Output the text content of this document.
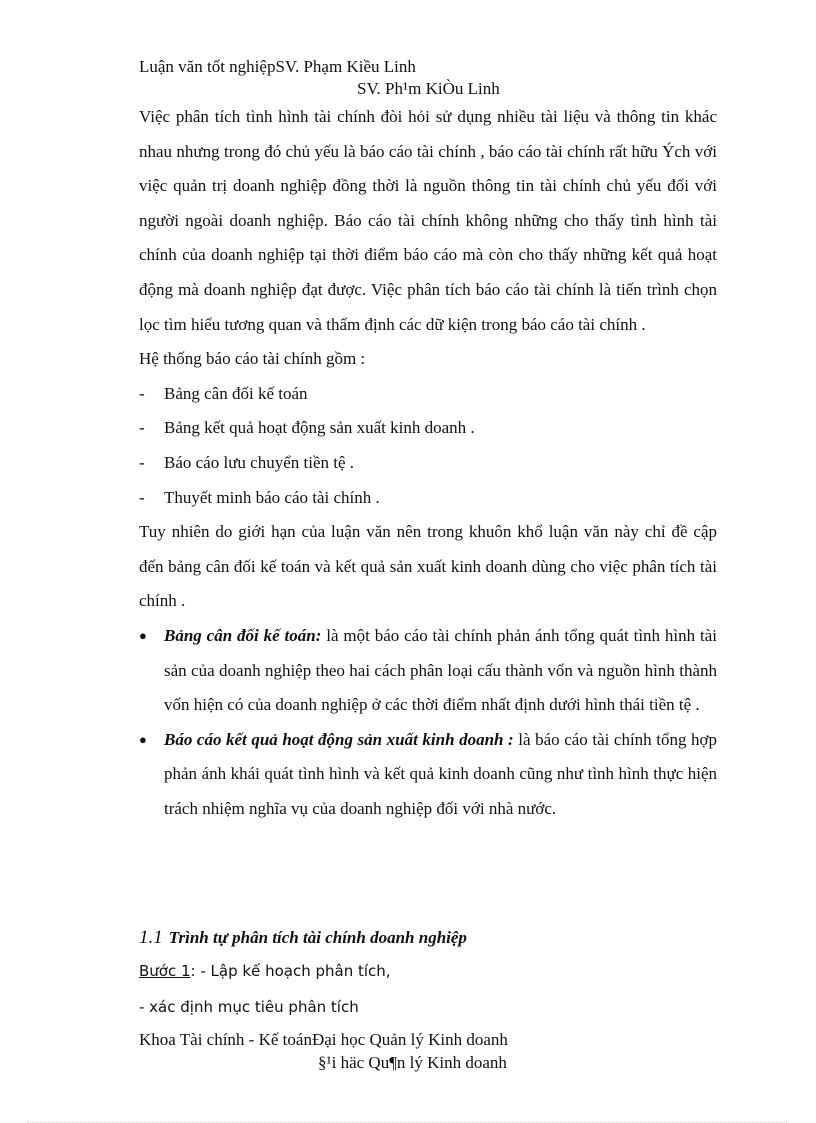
Luận văn tốt nghiệpSV. Phạm Kiều Linh
SV. Ph¹m KiÒu Linh

Việc phân tích tình hình tài chính đòi hỏi sử dụng nhiều tài liệu và thông tin khác nhau nhưng trong đó chủ yếu là báo cáo tài chính , báo cáo tài chính rất hữu Ých với việc quản trị doanh nghiệp đồng thời là nguồn thông tin tài chính chủ yếu đối với người ngoài doanh nghiệp. Báo cáo tài chính không những cho thấy tình hình tài chính của doanh nghiệp tại thời điểm báo cáo mà còn cho thấy những kết quả hoạt động mà doanh nghiệp đạt được. Việc phân tích báo cáo tài chính là tiến trình chọn lọc tìm hiểu tương quan và thẩm định các dữ kiện trong báo cáo tài chính .

Hệ thống báo cáo tài chính gồm :

- Bảng cân đối kế toán
- Bảng kết quả hoạt động sản xuất kinh doanh .
- Báo cáo lưu chuyển tiền tệ .
- Thuyết minh báo cáo tài chính .

Tuy nhiên do giới hạn của luận văn nên trong khuôn khổ luận văn này chỉ đề cập đến bảng cân đối kế toán và kết quả sản xuất kinh doanh dùng cho việc phân tích tài chính .

● Bảng cân đối kế toán: là một báo cáo tài chính phản ánh tổng quát tình hình tài sản của doanh nghiệp theo hai cách phân loại cấu thành vốn và nguồn hình thành vốn hiện có của doanh nghiệp ở các thời điểm nhất định dưới hình thái tiền tệ .
● Báo cáo kết quả hoạt động sản xuất kinh doanh : là báo cáo tài chính tổng hợp phản ánh khái quát tình hình và kết quả kinh doanh cũng như tình hình thực hiện trách nhiệm nghĩa vụ của doanh nghiệp đối với nhà nước.
1.1 Trình tự phân tích tài chính doanh nghiệp
Bước 1: - Lập kế hoạch phân tích,
- xác định mục tiêu phân tích
Khoa Tài chính - Kế toánĐại học Quản lý Kinh doanh
§¹i häc Qu¶n lý Kinh doanh
